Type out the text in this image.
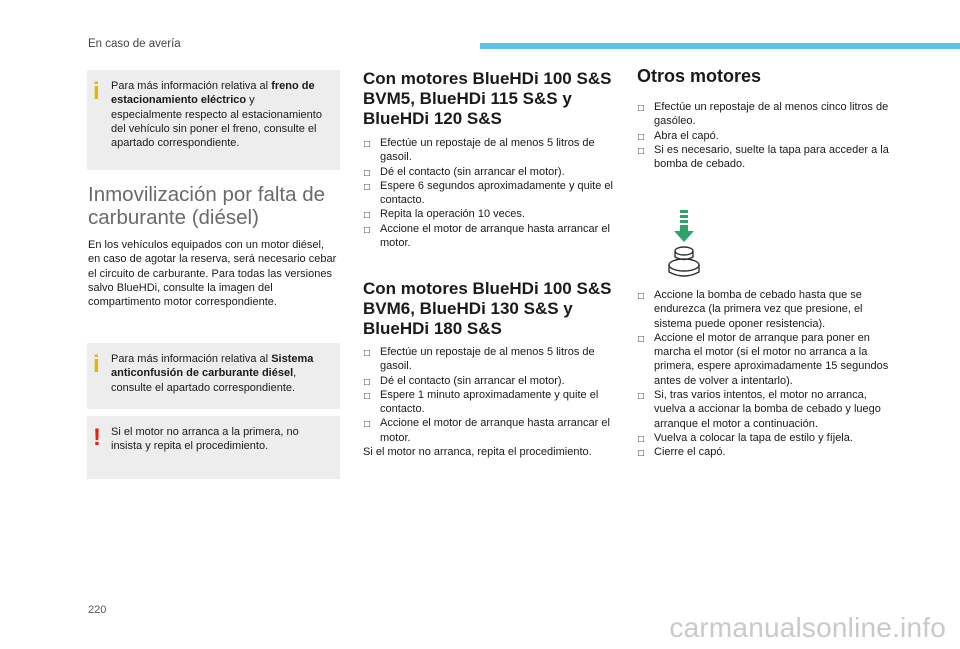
En caso de avería
i Para más información relativa al freno de estacionamiento eléctrico y especialmente respecto al estacionamiento del vehículo sin poner el freno, consulte el apartado correspondiente.
Inmovilización por falta de carburante (diésel)

En los vehículos equipados con un motor diésel, en caso de agotar la reserva, será necesario cebar el circuito de carburante. Para todas las versiones salvo BlueHDi, consulte la imagen del compartimento motor correspondiente.

i Para más información relativa al Sistema anticonfusión de carburante diésel, consulte el apartado correspondiente.
! Si el motor no arranca a la primera, no insista y repita el procedimiento.
Con motores BlueHDi 100 S&S BVM5, BlueHDi 115 S&S y BlueHDi 120 S&S
□ Efectúe un repostaje de al menos 5 litros de gasoil.
□ Dé el contacto (sin arrancar el motor).
□ Espere 6 segundos aproximadamente y quite el contacto.
□ Repita la operación 10 veces.
□ Accione el motor de arranque hasta arrancar el motor.
Con motores BlueHDi 100 S&S BVM6, BlueHDi 130 S&S y BlueHDi 180 S&S
□ Efectúe un repostaje de al menos 5 litros de gasoil.
□ Dé el contacto (sin arrancar el motor).
□ Espere 1 minuto aproximadamente y quite el contacto.
□ Accione el motor de arranque hasta arrancar el motor.

Si el motor no arranca, repita el procedimiento.

Otros motores
□ Efectúe un repostaje de al menos cinco litros de gasóleo.
□ Abra el capó.
□ Si es necesario, suelte la tapa para acceder a la bomba de cebado.
□ Accione la bomba de cebado hasta que se endurezca (la primera vez que presione, el sistema puede oponer resistencia).
□ Accione el motor de arranque para poner en marcha el motor (si el motor no arranca a la primera, espere aproximadamente 15 segundos antes de volver a intentarlo).
□ Si, tras varios intentos, el motor no arranca, vuelva a accionar la bomba de cebado y luego arranque el motor a continuación.
□ Vuelva a colocar la tapa de estilo y fíjela.
□ Cierre el capó.
220
carmanualsonline.info
